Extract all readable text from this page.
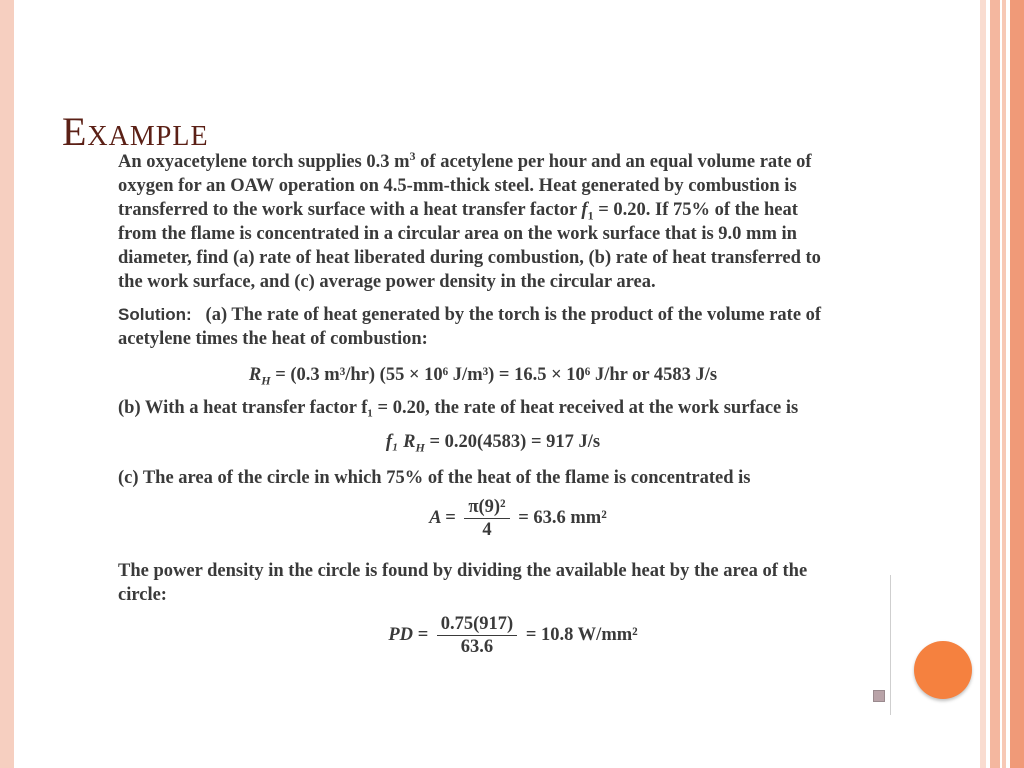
Example

An oxyacetylene torch supplies 0.3 $m^3$ of acetylene per hour and an equal volume rate of
oxygen for an OAW operation on 4.5-mm-thick steel. Heat generated by combustion is
transferred to the work surface with a heat transfer factor $f_1 = 0.20$. If 75% of the heat
from the flame is concentrated in a circular area on the work surface that is 9.0 mm in
diameter, find (a) rate of heat liberated during combustion, (b) rate of heat transferred to
the work surface, and (c) average power density in the circular area.

Solution: (a) The rate of heat generated by the torch is the product of the volume rate of
acetylene times the heat of combustion:

$R_H = (0.3$ m³/hr) (55 × 10⁶ J/m³) = 16.5 × 10⁶ J/hr or 4583 J/s

(b) With a heat transfer factor f₁ = 0.20, the rate of heat received at the work surface is

f₁ $R_H = 0.20(4583) = 917$ J/s

(c) The area of the circle in which 75% of the heat of the flame is concentrated is

$A = \frac{\text{π(9)²}}{4} = 63.6$ mm²

The power density in the circle is found by dividing the available heat by the area of the
circle:

PD = $\frac{0.75(917)}{63.6} = 10.8$ W/mm²
